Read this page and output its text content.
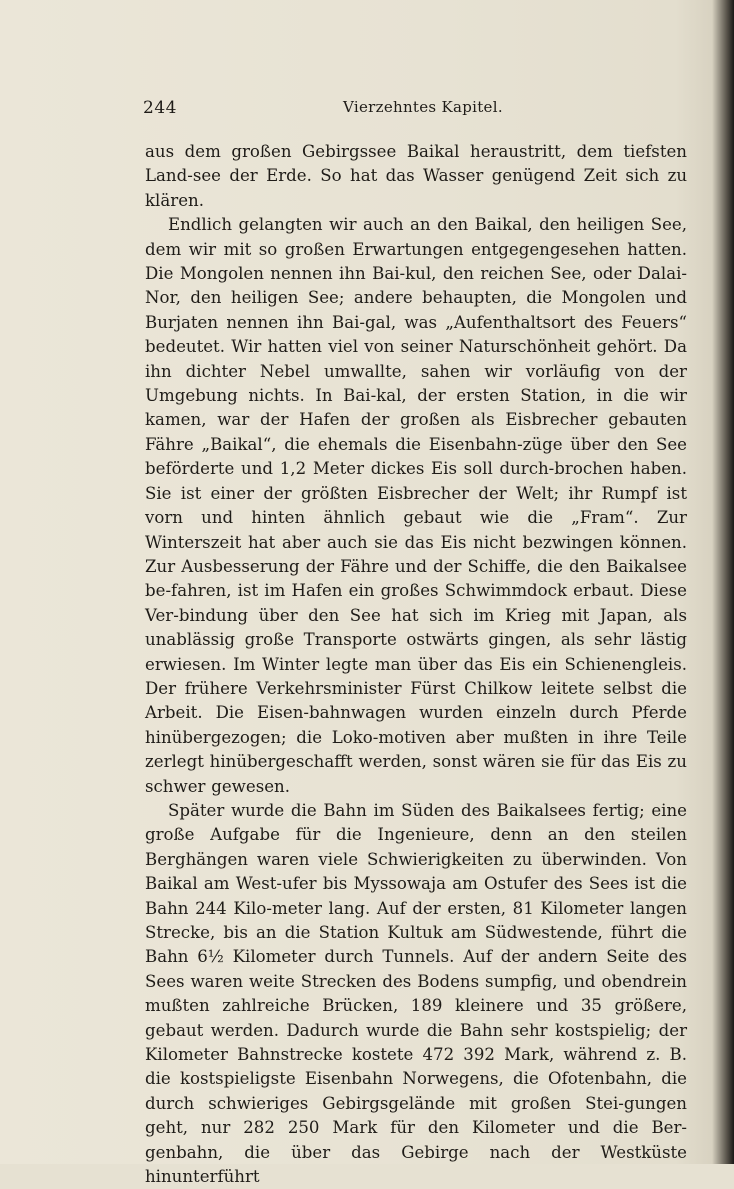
244	Vierzehntes Kapitel.

aus dem großen Gebirgssee Baikal heraustritt, dem tiefsten Land-see der Erde. So hat das Wasser genügend Zeit sich zu klären.

Endlich gelangten wir auch an den Baikal, den heiligen See, dem wir mit so großen Erwartungen entgegengesehen hatten. Die Mongolen nennen ihn Bai-kul, den reichen See, oder Dalai-Nor, den heiligen See; andere behaupten, die Mongolen und Burjaten nennen ihn Bai-gal, was „Aufenthaltsort des Feuers“ bedeutet. Wir hatten viel von seiner Naturschönheit gehört. Da ihn dichter Nebel umwallte, sahen wir vorläufig von der Umgebung nichts. In Bai-kal, der ersten Station, in die wir kamen, war der Hafen der großen als Eisbrecher gebauten Fähre „Baikal“, die ehemals die Eisenbahn-züge über den See beförderte und 1,2 Meter dickes Eis soll durch-brochen haben. Sie ist einer der größten Eisbrecher der Welt; ihr Rumpf ist vorn und hinten ähnlich gebaut wie die „Fram“. Zur Winterszeit hat aber auch sie das Eis nicht bezwingen können. Zur Ausbesserung der Fähre und der Schiffe, die den Baikalsee be-fahren, ist im Hafen ein großes Schwimmdock erbaut. Diese Ver-bindung über den See hat sich im Krieg mit Japan, als unablässig große Transporte ostwärts gingen, als sehr lästig erwiesen. Im Winter legte man über das Eis ein Schienengleis. Der frühere Verkehrsminister Fürst Chilkow leitete selbst die Arbeit. Die Eisen-bahnwagen wurden einzeln durch Pferde hinübergezogen; die Loko-motiven aber mußten in ihre Teile zerlegt hinübergeschafft werden, sonst wären sie für das Eis zu schwer gewesen.

Später wurde die Bahn im Süden des Baikalsees fertig; eine große Aufgabe für die Ingenieure, denn an den steilen Berghängen waren viele Schwierigkeiten zu überwinden. Von Baikal am West-ufer bis Myssowaja am Ostufer des Sees ist die Bahn 244 Kilo-meter lang. Auf der ersten, 81 Kilometer langen Strecke, bis an die Station Kultuk am Südwestende, führt die Bahn 6½ Kilometer durch Tunnels. Auf der andern Seite des Sees waren weite Strecken des Bodens sumpfig, und obendrein mußten zahlreiche Brücken, 189 kleinere und 35 größere, gebaut werden. Dadurch wurde die Bahn sehr kostspielig; der Kilometer Bahnstrecke kostete 472 392 Mark, während z. B. die kostspieligste Eisenbahn Norwegens, die Ofotenbahn, die durch schwieriges Gebirgsgelände mit großen Stei-gungen geht, nur 282 250 Mark für den Kilometer und die Ber-genbahn, die über das Gebirge nach der Westküste hinunterführt
